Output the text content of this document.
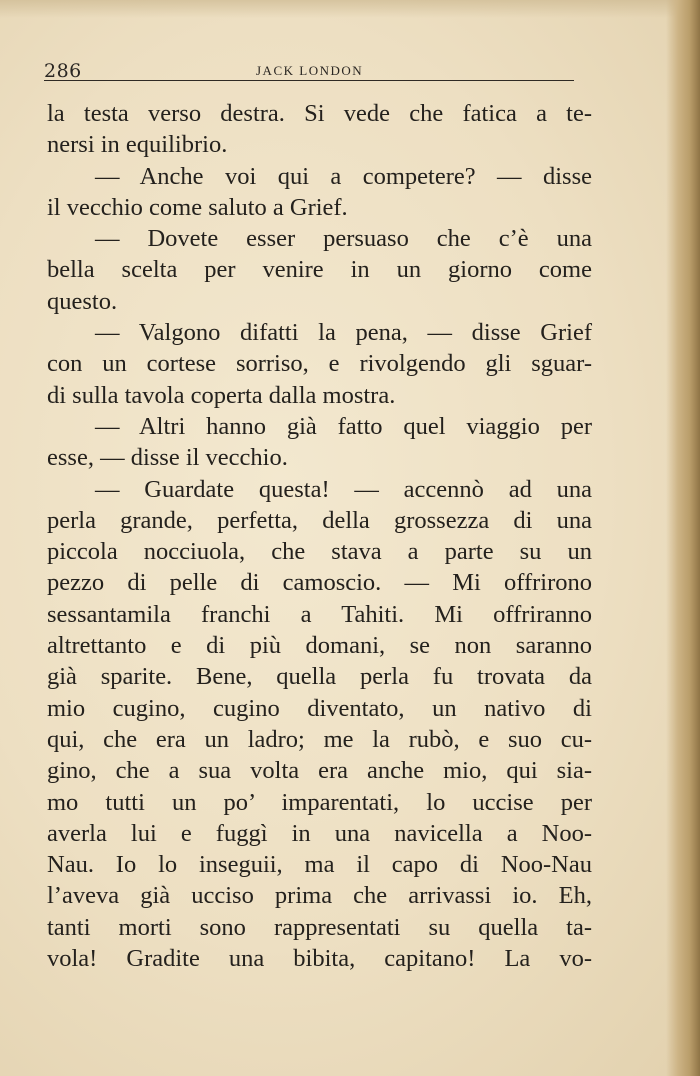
286	JACK LONDON
la testa verso destra. Si vede che fatica a te-
nersi in equilibrio.
— Anche voi qui a competere? — disse
il vecchio come saluto a Grief.
— Dovete esser persuaso che c’è una
bella scelta per venire in un giorno come
questo.
— Valgono difatti la pena, — disse Grief
con un cortese sorriso, e rivolgendo gli sguar-
di sulla tavola coperta dalla mostra.
— Altri hanno già fatto quel viaggio per
esse, — disse il vecchio.
— Guardate questa! — accennò ad una
perla grande, perfetta, della grossezza di una
piccola nocciuola, che stava a parte su un
pezzo di pelle di camoscio. — Mi offrirono
sessantamila franchi a Tahiti. Mi offriranno
altrettanto e di più domani, se non saranno
già sparite. Bene, quella perla fu trovata da
mio cugino, cugino diventato, un nativo di
qui, che era un ladro; me la rubò, e suo cu-
gino, che a sua volta era anche mio, qui sia-
mo tutti un po’ imparentati, lo uccise per
averla lui e fuggì in una navicella a Noo-
Nau. Io lo inseguii, ma il capo di Noo-Nau
l’aveva già ucciso prima che arrivassi io. Eh,
tanti morti sono rappresentati su quella ta-
vola! Gradite una bibita, capitano! La vo-
